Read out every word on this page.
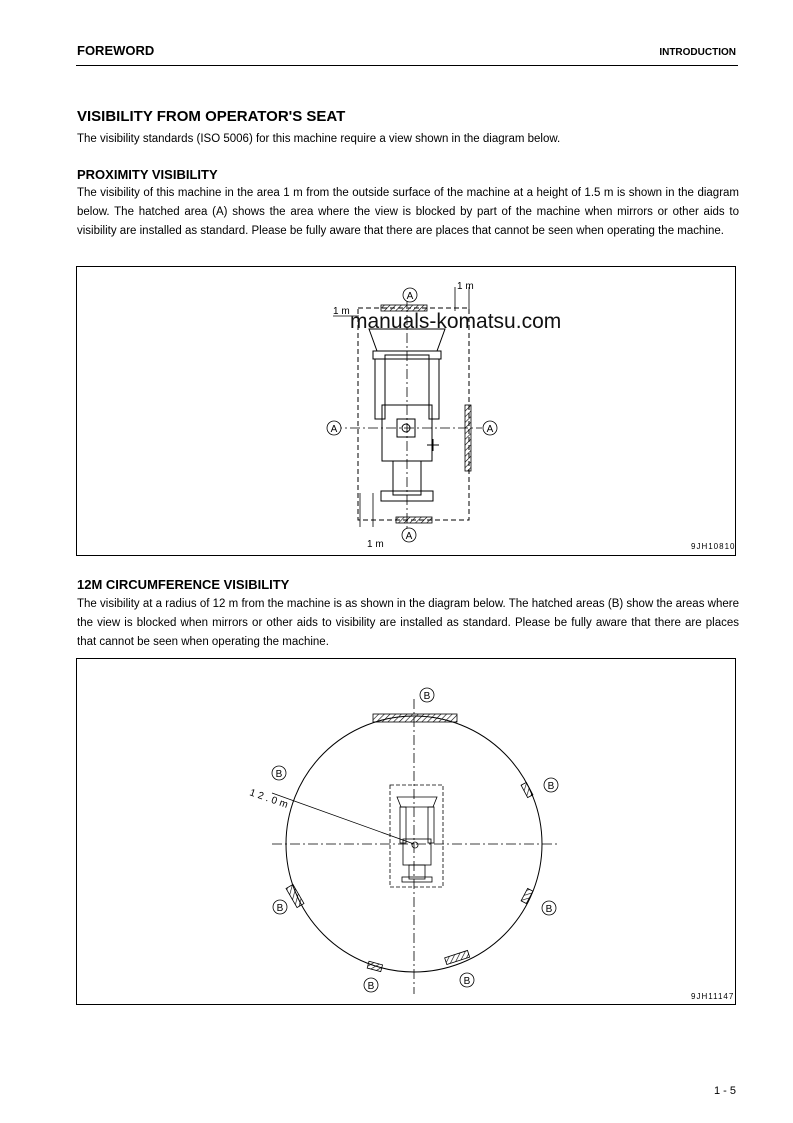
FOREWORD	INTRODUCTION
VISIBILITY FROM OPERATOR'S SEAT

The visibility standards (ISO 5006) for this machine require a view shown in the diagram below.

PROXIMITY VISIBILITY

The visibility of this machine in the area 1 m from the outside surface of the machine at a height of 1.5 m is shown in the diagram below. The hatched area (A) shows the area where the view is blocked by part of the machine when mirrors or other aids to visibility are installed as standard. Please be fully aware that there are places that cannot be seen when operating the machine.

A
A	A
A
1 m
1 m
1 m	9JH10810
manuals-komatsu.com
12M CIRCUMFERENCE VISIBILITY

The visibility at a radius of 12 m from the machine is as shown in the diagram below. The hatched areas (B) show the areas where the view is blocked when mirrors or other aids to visibility are installed as standard. Please be fully aware that there are places that cannot be seen when operating the machine.

12.0m
B
B
B
B	B
B	B
9JH11147
1 - 5
